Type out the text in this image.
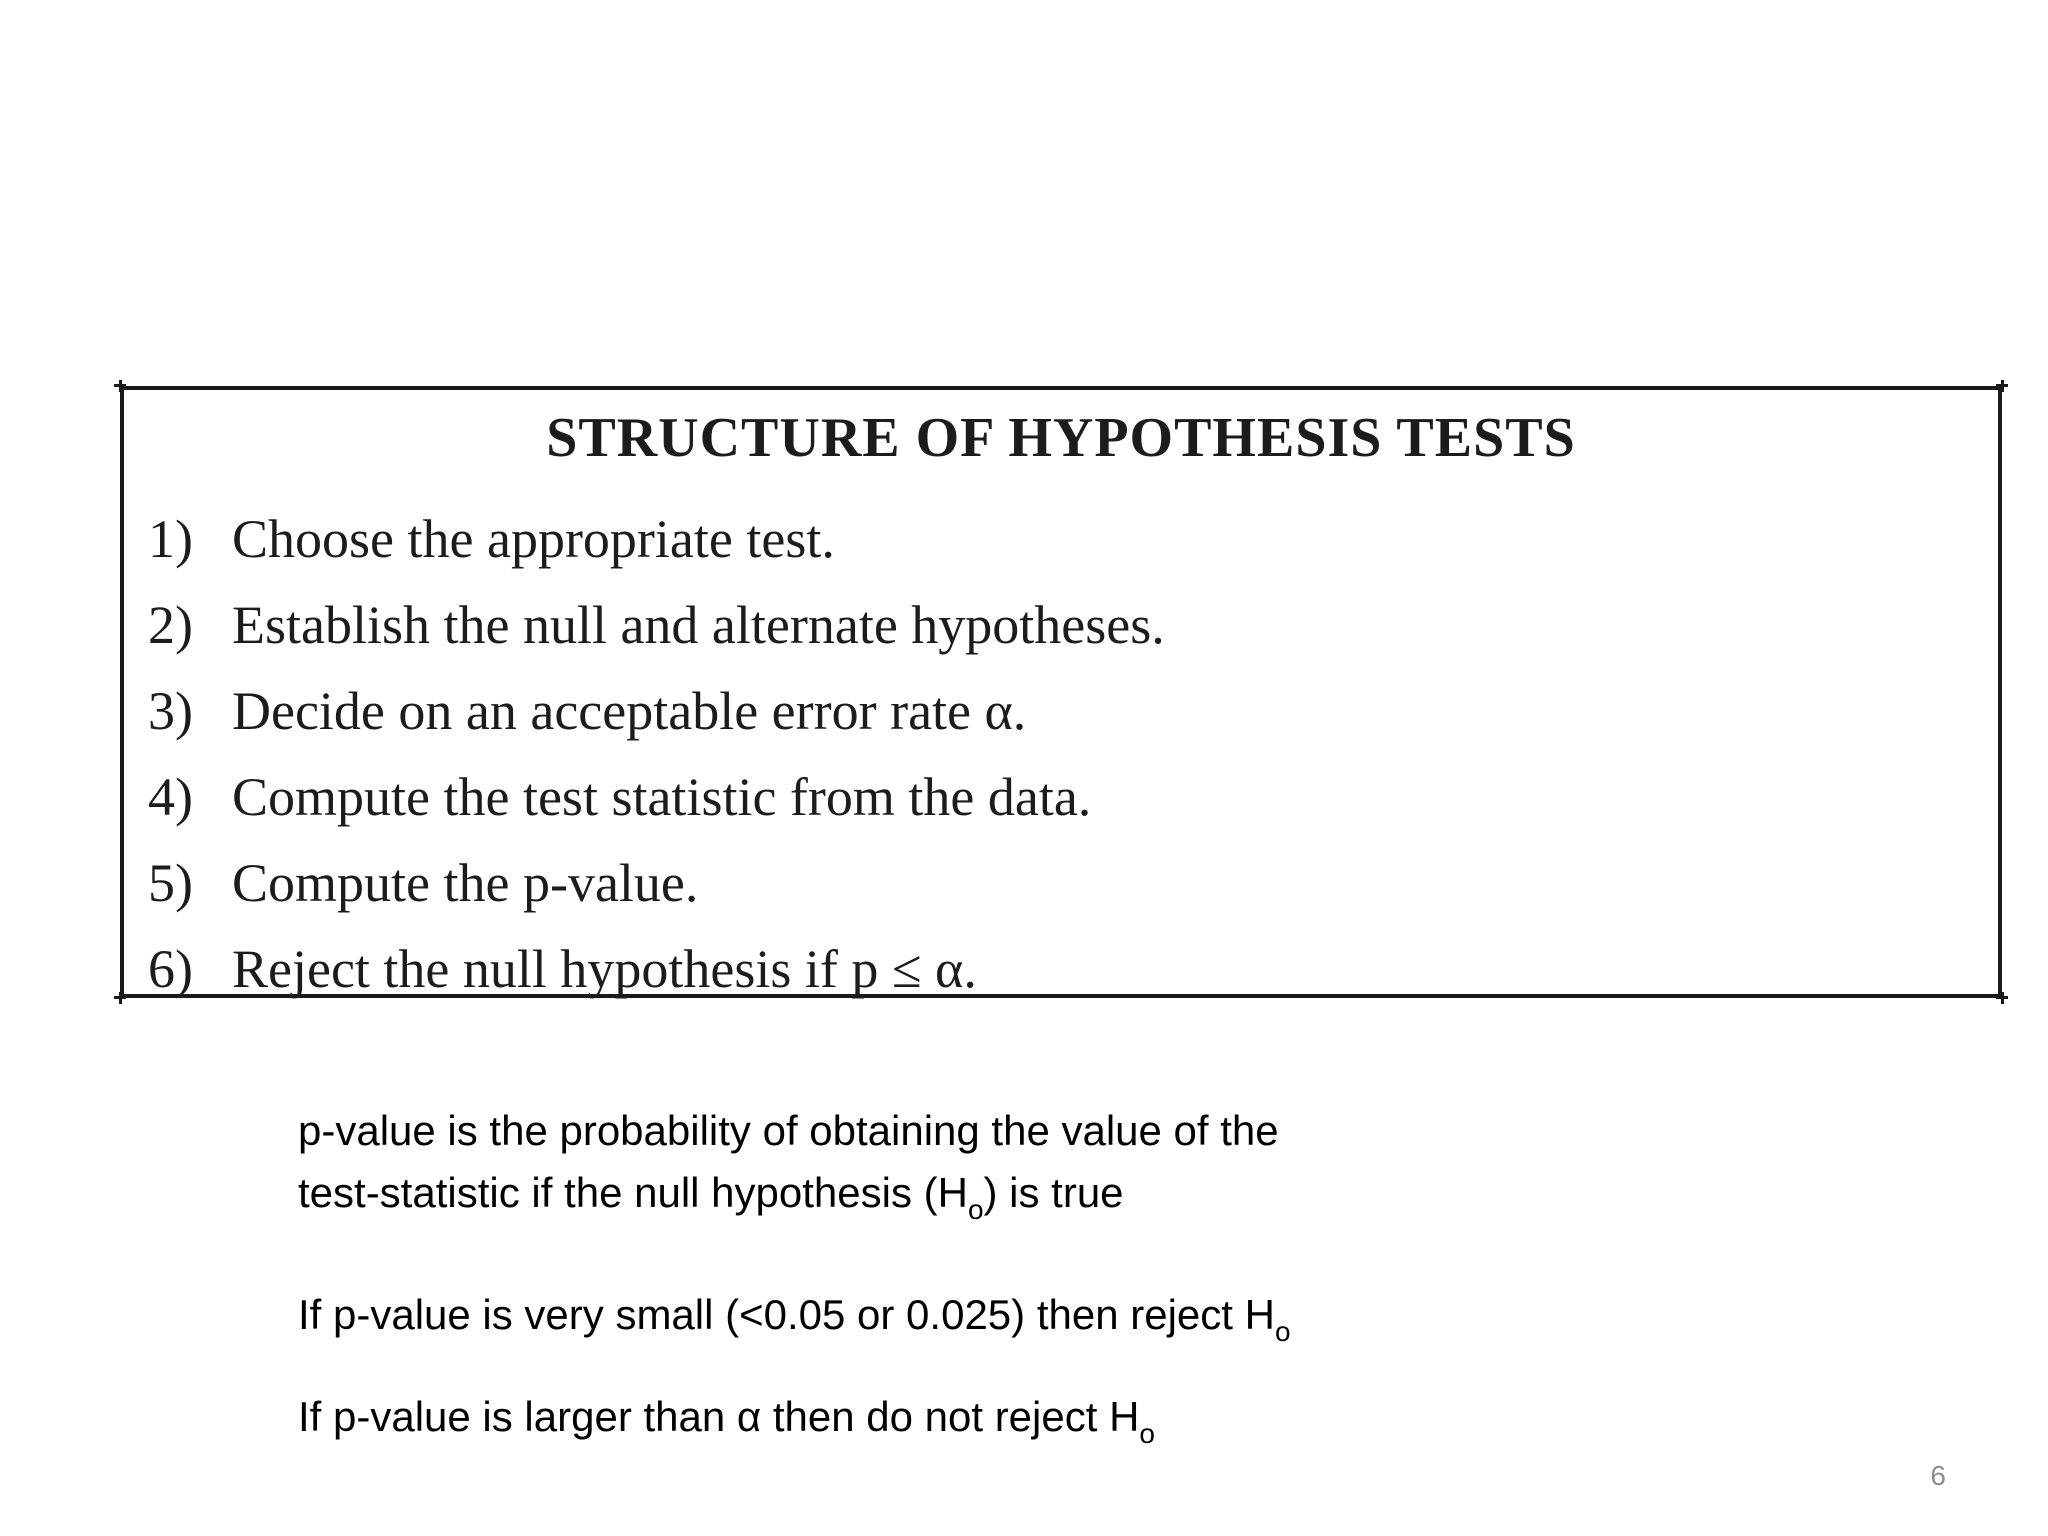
STRUCTURE OF HYPOTHESIS TESTS
1) Choose the appropriate test.
2) Establish the null and alternate hypotheses.
3) Decide on an acceptable error rate α.
4) Compute the test statistic from the data.
5) Compute the p-value.
6) Reject the null hypothesis if p ≤ α.
p-value is the probability of obtaining the value of the
test-statistic if the null hypothesis $(H_o)$ is true
If p-value is very small (<0.05 or 0.025) then reject $H_o$
If p-value is larger than α then do not reject $H_o$
6
